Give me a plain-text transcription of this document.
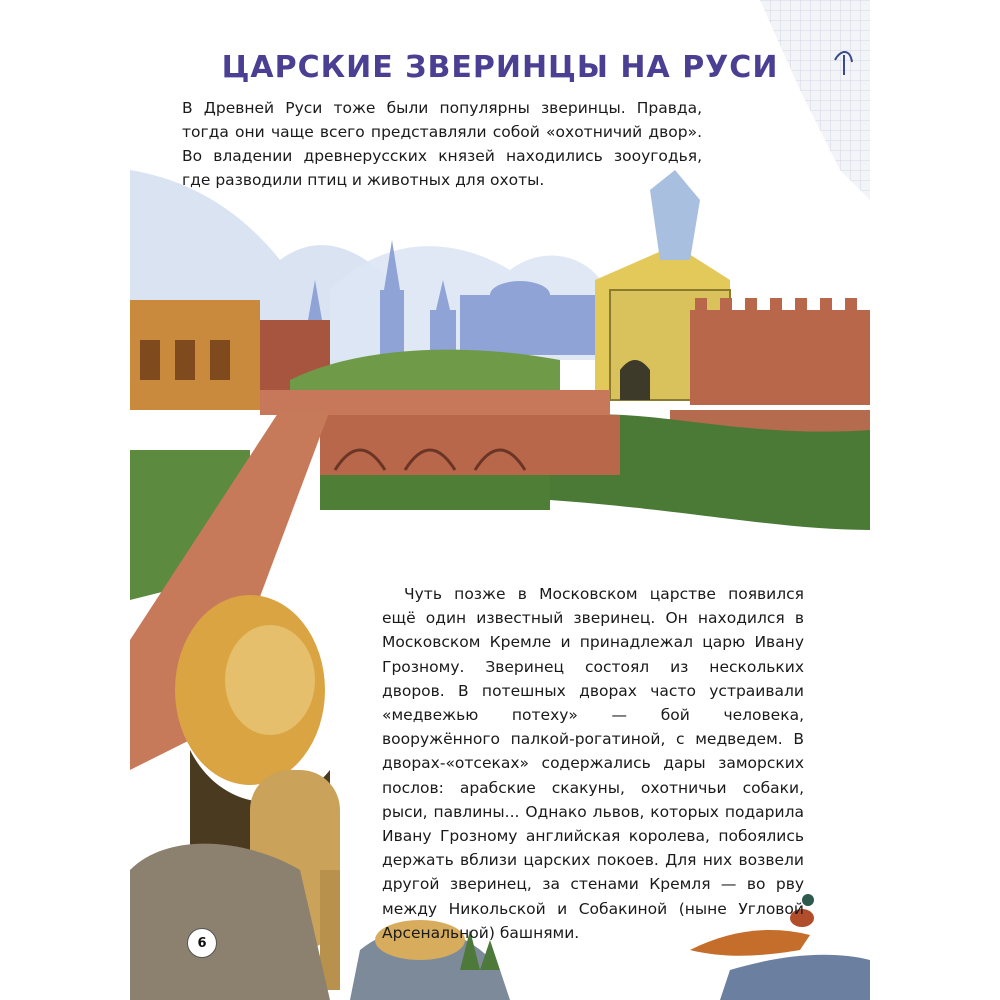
ЦАРСКИЕ ЗВЕРИНЦЫ НА РУСИ

В Древней Руси тоже были популярны зверинцы. Правда, тогда они чаще всего представляли собой «охотничий двор». Во владении древнерусских князей находились зооугодья, где разводили птиц и животных для охоты.

Чуть позже в Московском царстве появился ещё один известный зверинец. Он находился в Московском Кремле и принадлежал царю Ивану Грозному. Зверинец состоял из нескольких дворов. В потешных дворах часто устраивали «медвежью потеху» — бой человека, вооружённого палкой-рогатиной, с медведем. В дворах-«отсеках» содержались дары заморских послов: арабские скакуны, охотничьи собаки, рыси, павлины... Однако львов, которых подарила Ивану Грозному английская королева, побоялись держать вблизи царских покоев. Для них возвели другой зверинец, за стенами Кремля — во рву между Никольской и Собакиной (ныне Угловой Арсенальной) башнями.

6
